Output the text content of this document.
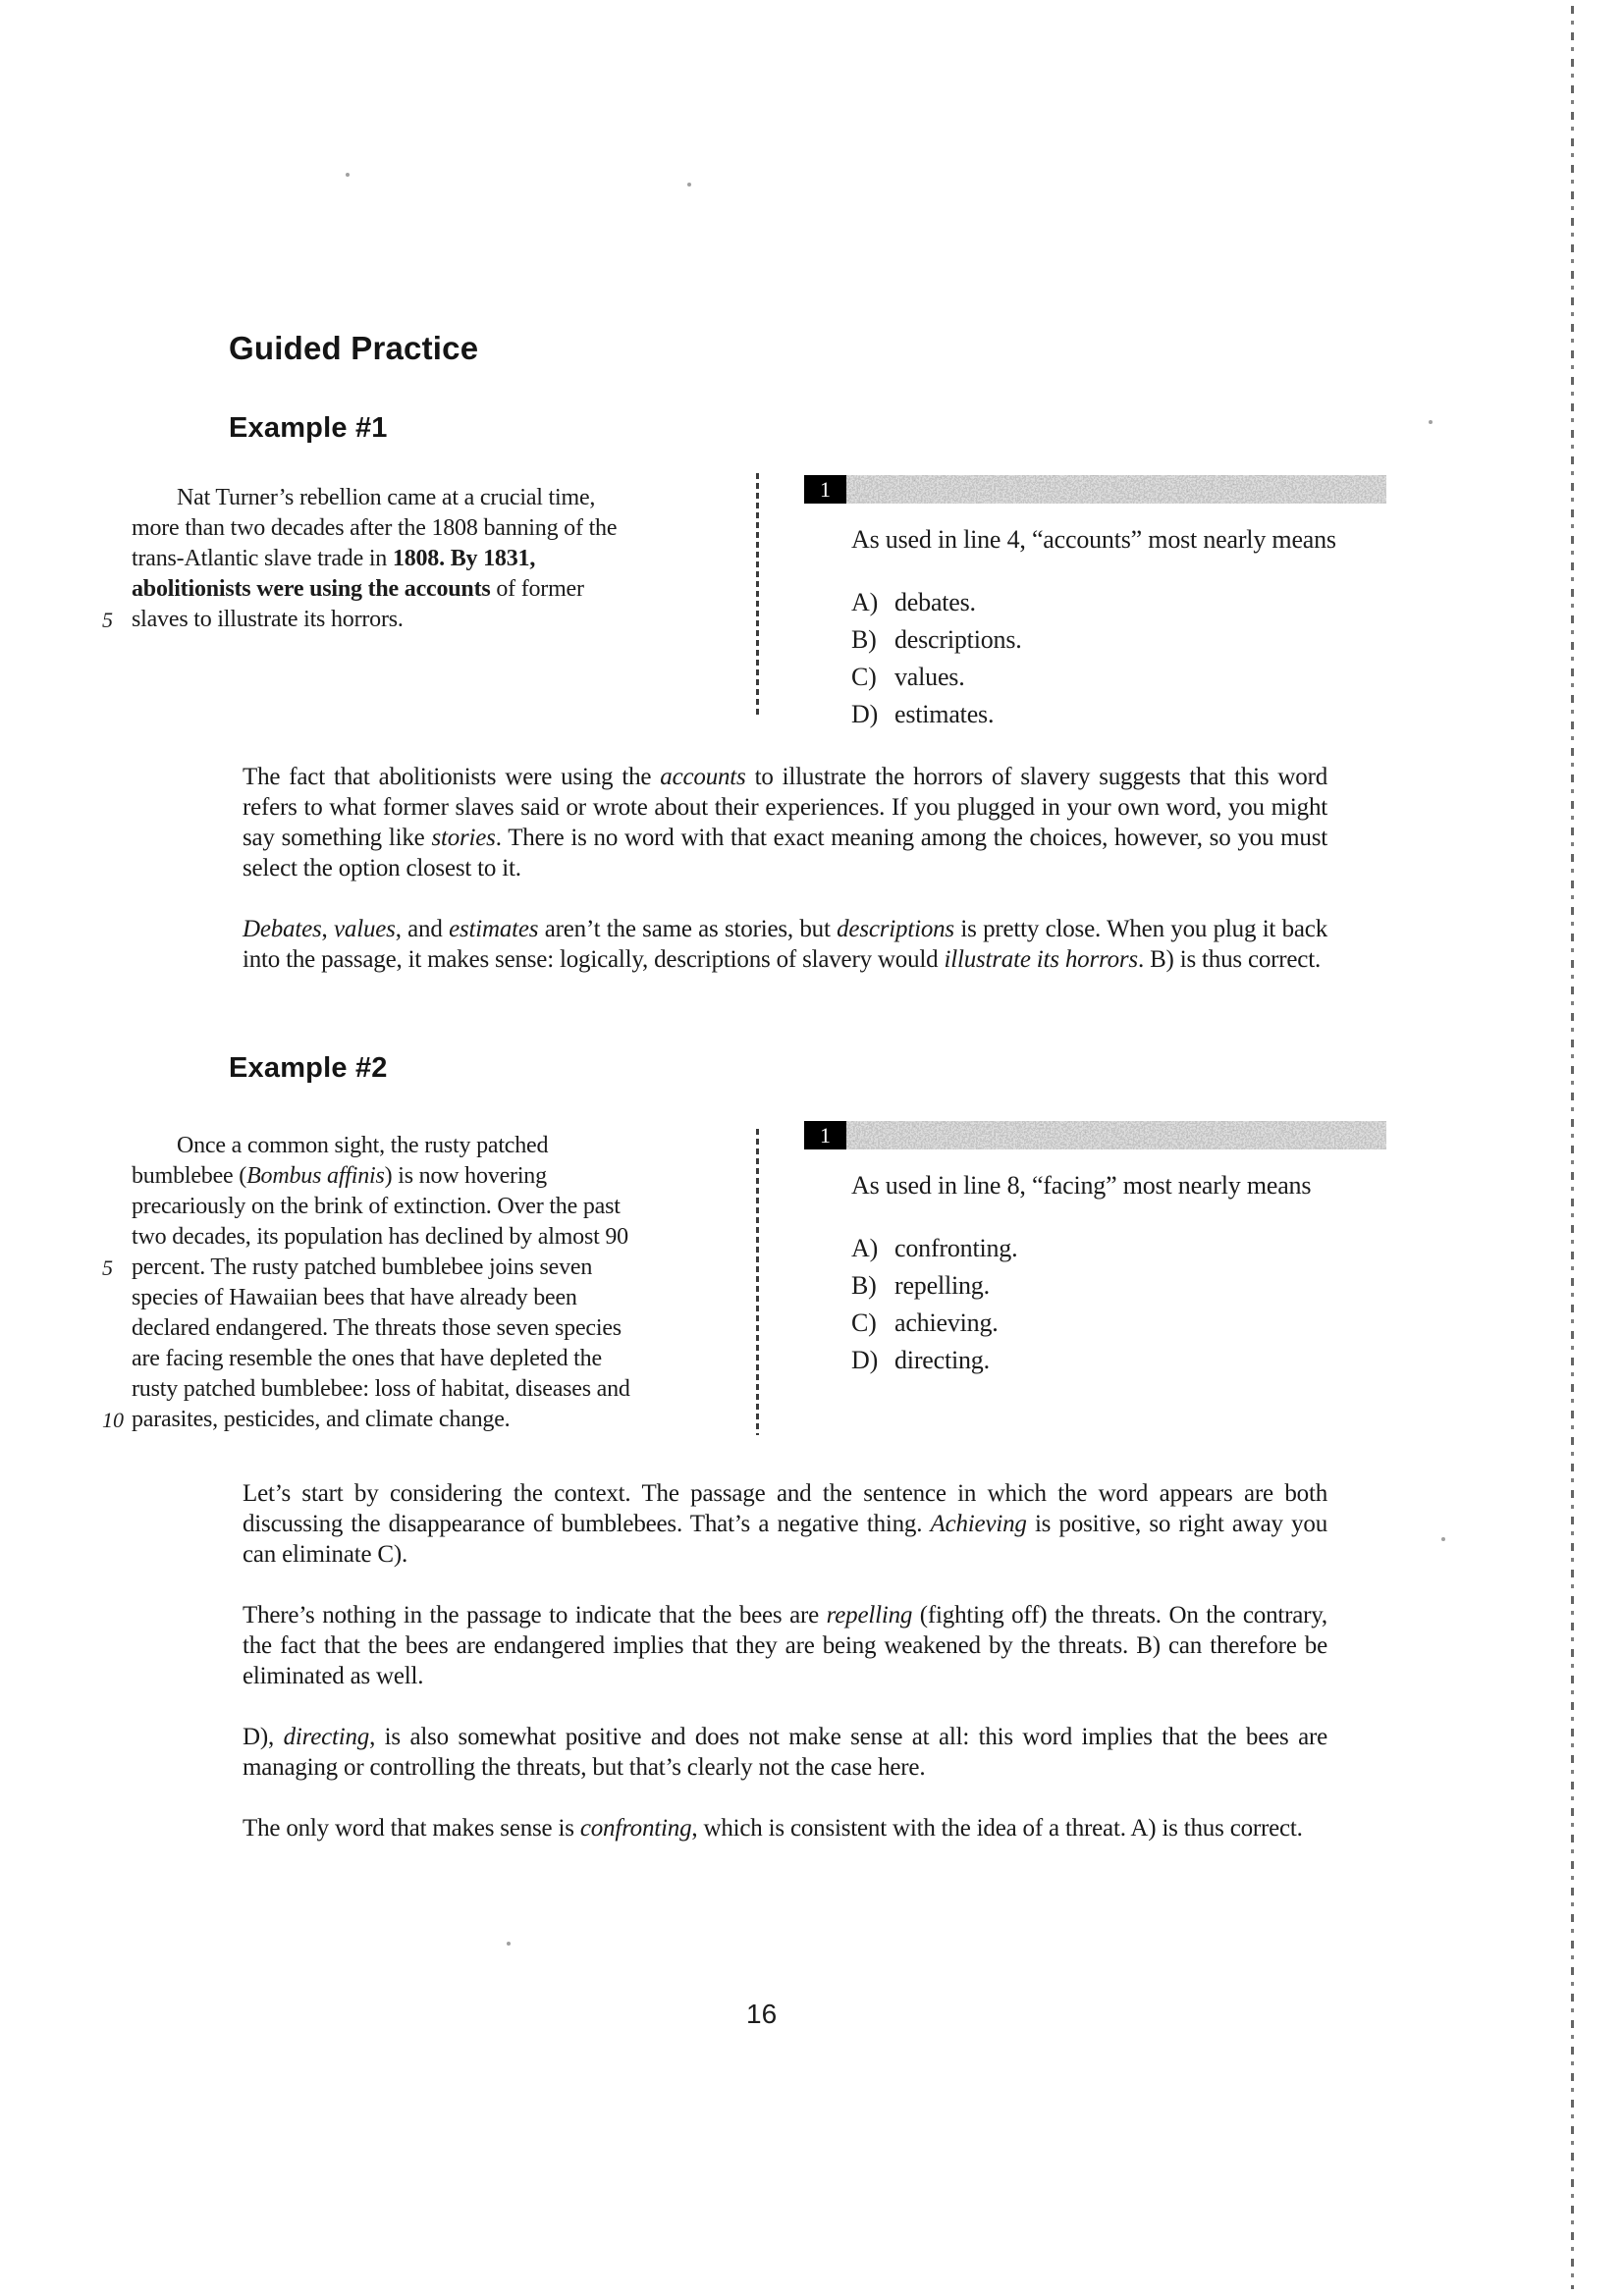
Guided Practice
Example #1
Nat Turner’s rebellion came at a crucial time,
more than two decades after the 1808 banning of the
trans-Atlantic slave trade in 1808. By 1831,
abolitionists were using the accounts of former
5 slaves to illustrate its horrors.
1
As used in line 4, “accounts” most nearly means
A) debates.
B) descriptions.
C) values.
D) estimates.

The fact that abolitionists were using the accounts to illustrate the horrors of slavery suggests that this word refers to what former slaves said or wrote about their experiences. If you plugged in your own word, you might say something like stories. There is no word with that exact meaning among the choices, however, so you must select the option closest to it.

Debates, values, and estimates aren’t the same as stories, but descriptions is pretty close. When you plug it back into the passage, it makes sense: logically, descriptions of slavery would illustrate its horrors. B) is thus correct.

Example #2
Once a common sight, the rusty patched
bumblebee (Bombus affinis) is now hovering
precariously on the brink of extinction. Over the past
two decades, its population has declined by almost 90
5 percent. The rusty patched bumblebee joins seven
species of Hawaiian bees that have already been
declared endangered. The threats those seven species
are facing resemble the ones that have depleted the
rusty patched bumblebee: loss of habitat, diseases and
10 parasites, pesticides, and climate change.
1
As used in line 8, “facing” most nearly means
A) confronting.
B) repelling.
C) achieving.
D) directing.

Let’s start by considering the context. The passage and the sentence in which the word appears are both discussing the disappearance of bumblebees. That’s a negative thing. Achieving is positive, so right away you can eliminate C).

There’s nothing in the passage to indicate that the bees are repelling (fighting off) the threats. On the contrary, the fact that the bees are endangered implies that they are being weakened by the threats. B) can therefore be eliminated as well.

D), directing, is also somewhat positive and does not make sense at all: this word implies that the bees are managing or controlling the threats, but that’s clearly not the case here.

The only word that makes sense is confronting, which is consistent with the idea of a threat. A) is thus correct.

16
